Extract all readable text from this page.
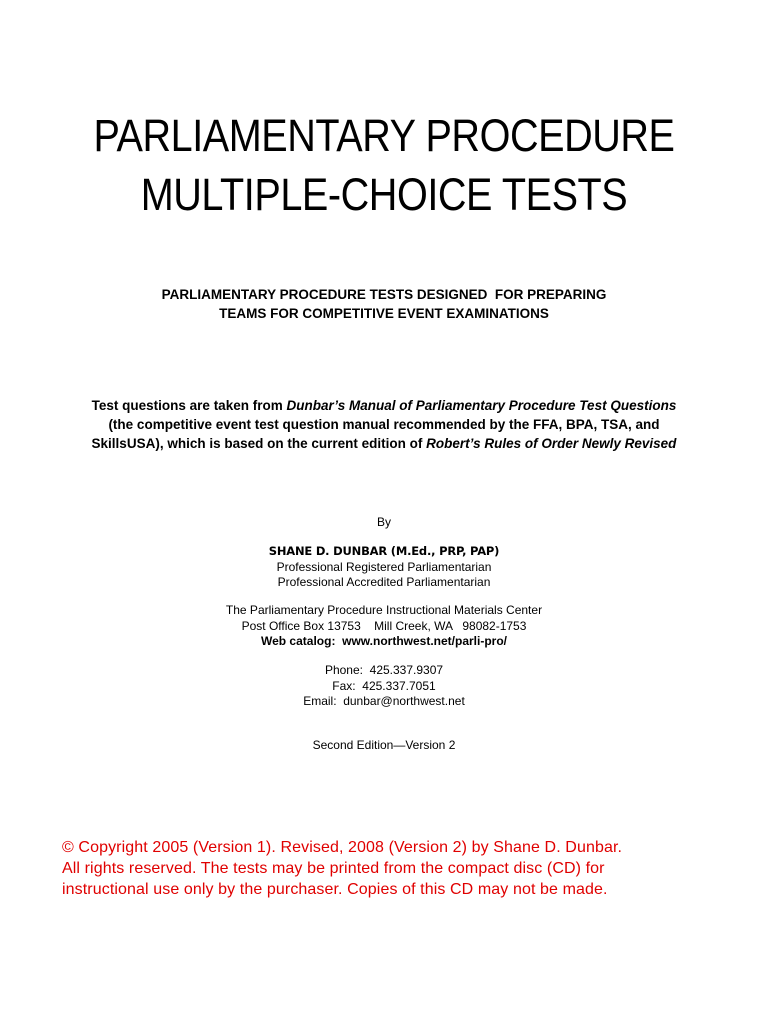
PARLIAMENTARY PROCEDURE
MULTIPLE-CHOICE TESTS
PARLIAMENTARY PROCEDURE TESTS DESIGNED  FOR PREPARING
TEAMS FOR COMPETITIVE EVENT EXAMINATIONS
Test questions are taken from Dunbar’s Manual of Parliamentary Procedure Test Questions (the competitive event test question manual recommended by the FFA, BPA, TSA, and SkillsUSA), which is based on the current edition of Robert’s Rules of Order Newly Revised
By
SHANE D. DUNBAR (M.Ed., PRP, PAP)
Professional Registered Parliamentarian
Professional Accredited Parliamentarian
The Parliamentary Procedure Instructional Materials Center
Post Office Box 13753    Mill Creek, WA   98082-1753
Web catalog:  www.northwest.net/parli-pro/
Phone:  425.337.9307
Fax:  425.337.7051
Email:  dunbar@northwest.net
Second Edition—Version 2
© Copyright 2005 (Version 1). Revised, 2008 (Version 2) by Shane D. Dunbar.
All rights reserved. The tests may be printed from the compact disc (CD) for
instructional use only by the purchaser. Copies of this CD may not be made.
